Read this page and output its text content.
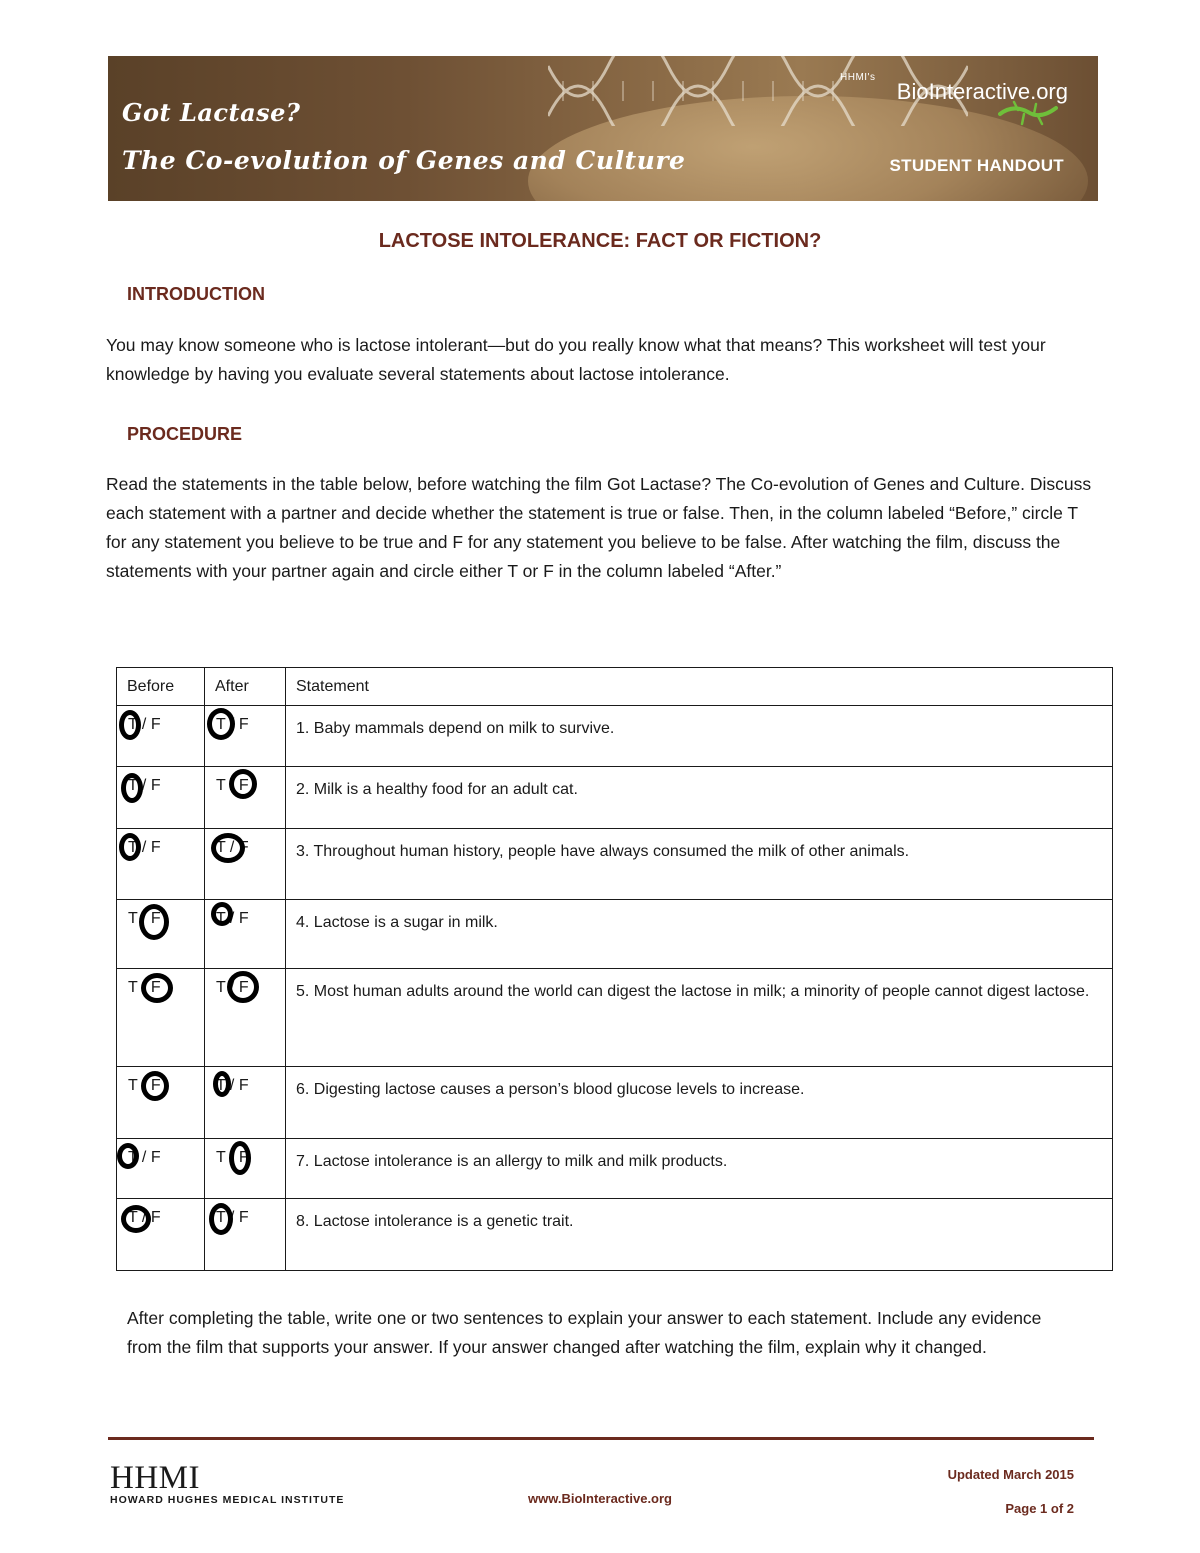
Got Lactase?
The Co-evolution of Genes and Culture
HHMI's
BioInteractive.org
STUDENT HANDOUT
LACTOSE INTOLERANCE: FACT OR FICTION?
INTRODUCTION

You may know someone who is lactose intolerant—but do you really know what that means? This worksheet will test your knowledge by having you evaluate several statements about lactose intolerance.

PROCEDURE

Read the statements in the table below, before watching the film Got Lactase? The Co-evolution of Genes and Culture. Discuss each statement with a partner and decide whether the statement is true or false. Then, in the column labeled “Before,” circle T for any statement you believe to be true and F for any statement you believe to be false. After watching the film, discuss the statements with your partner again and circle either T or F in the column labeled “After.”

Before	After	Statement

T / F	T / F	1. Baby mammals depend on milk to survive.

T / F	T / F	2. Milk is a healthy food for an adult cat.

T / F	T / F	3. Throughout human history, people have always consumed the milk of other animals.

T / F	T / F	4. Lactose is a sugar in milk.

T / F	T / F	5. Most human adults around the world can digest the lactose in milk; a minority of people cannot digest lactose.

T / F	T / F	6. Digesting lactose causes a person’s blood glucose levels to increase.

T / F	T / F	7. Lactose intolerance is an allergy to milk and milk products.

T / F	T / F	8. Lactose intolerance is a genetic trait.

After completing the table, write one or two sentences to explain your answer to each statement. Include any evidence from the film that supports your answer. If your answer changed after watching the film, explain why it changed.

HHMI
HOWARD HUGHES MEDICAL INSTITUTE	www.BioInteractive.org
Updated March 2015
Page 1 of 2
